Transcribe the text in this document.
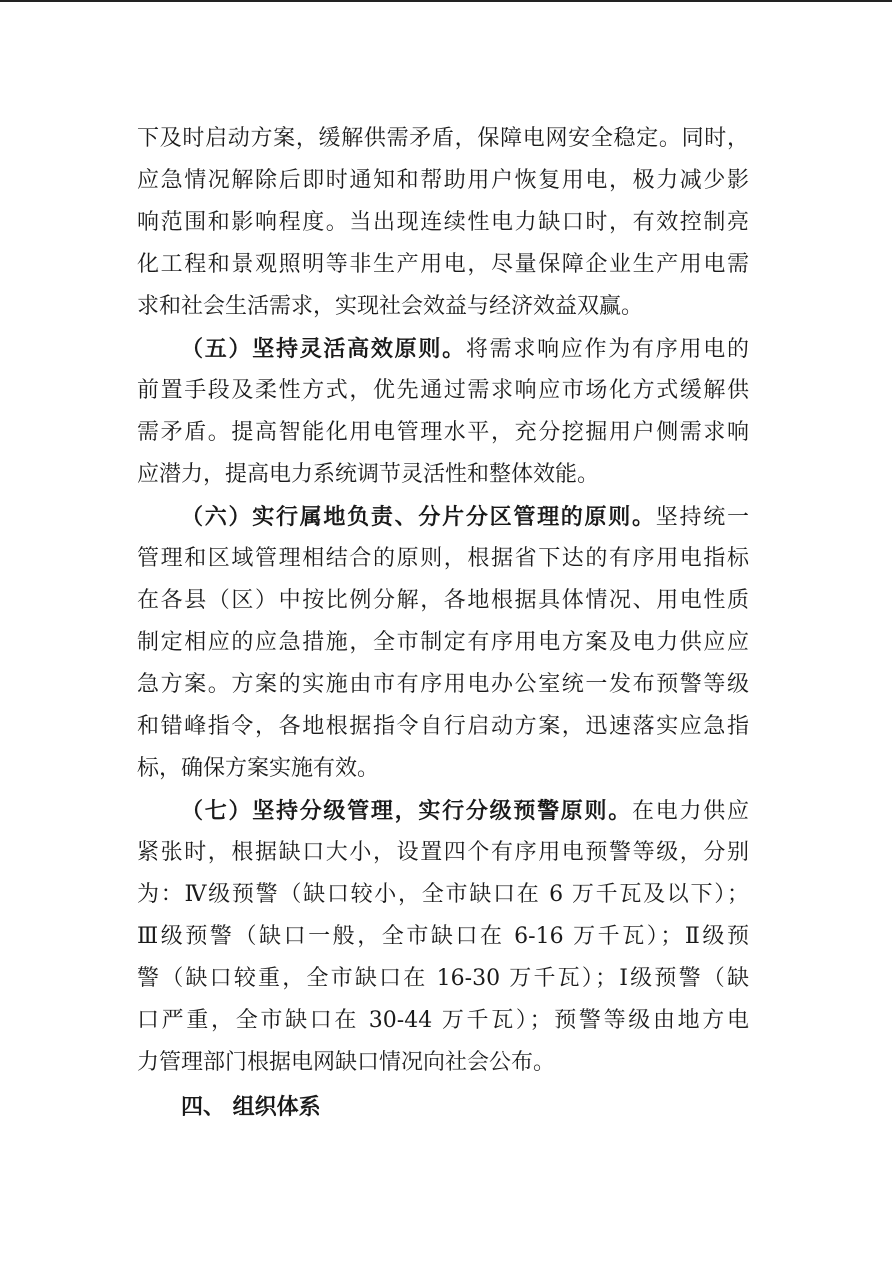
下及时启动方案，缓解供需矛盾，保障电网安全稳定。同时，
应急情况解除后即时通知和帮助用户恢复用电，极力减少影
响范围和影响程度。当出现连续性电力缺口时，有效控制亮
化工程和景观照明等非生产用电，尽量保障企业生产用电需
求和社会生活需求，实现社会效益与经济效益双赢。
（五）坚持灵活高效原则。将需求响应作为有序用电的
前置手段及柔性方式，优先通过需求响应市场化方式缓解供
需矛盾。提高智能化用电管理水平，充分挖掘用户侧需求响
应潜力，提高电力系统调节灵活性和整体效能。
（六）实行属地负责、分片分区管理的原则。坚持统一
管理和区域管理相结合的原则，根据省下达的有序用电指标
在各县（区）中按比例分解，各地根据具体情况、用电性质
制定相应的应急措施，全市制定有序用电方案及电力供应应
急方案。方案的实施由市有序用电办公室统一发布预警等级
和错峰指令，各地根据指令自行启动方案，迅速落实应急指
标，确保方案实施有效。
（七）坚持分级管理，实行分级预警原则。在电力供应
紧张时，根据缺口大小，设置四个有序用电预警等级，分别
为：Ⅳ级预警（缺口较小，全市缺口在 6 万千瓦及以下）；
Ⅲ级预警（缺口一般，全市缺口在 6-16 万千瓦）；Ⅱ级预
警（缺口较重，全市缺口在 16-30 万千瓦）；Ⅰ级预警（缺
口严重，全市缺口在 30-44 万千瓦）；预警等级由地方电
力管理部门根据电网缺口情况向社会公布。
四、 组织体系
